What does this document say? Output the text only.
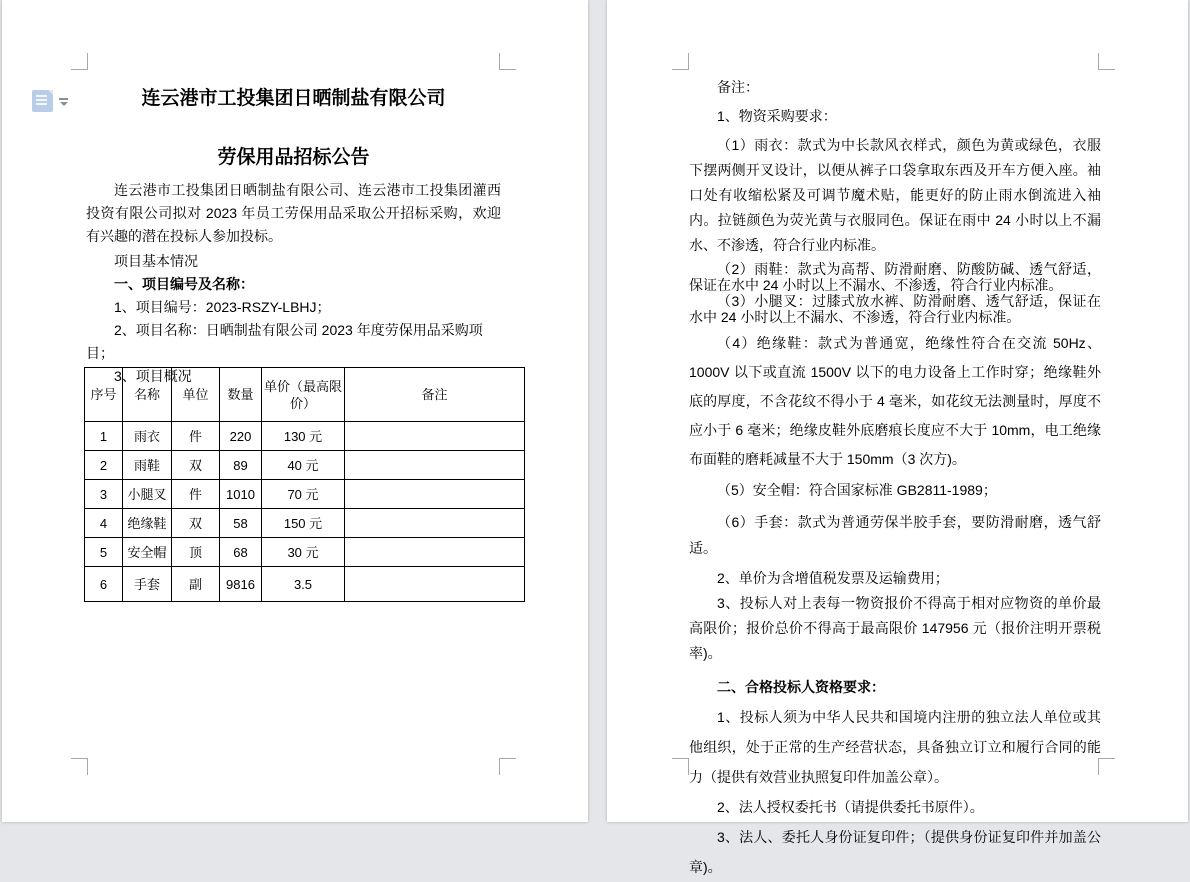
连云港市工投集团日晒制盐有限公司
劳保用品招标公告

连云港市工投集团日晒制盐有限公司、连云港市工投集团灌西投资有限公司拟对 2023 年员工劳保用品采取公开招标采购，欢迎有兴趣的潜在投标人参加投标。

项目基本情况

一、项目编号及名称：

1、项目编号：2023-RSZY-LBHJ；

2、项目名称：日晒制盐有限公司 2023 年度劳保用品采购项目；

3、项目概况

序号	名称	单位	数量	单价（最高限价）	备注
1	雨衣	件	220	130 元	
2	雨鞋	双	89	40 元	
3	小腿叉	件	1010	70 元	
4	绝缘鞋	双	58	150 元	
5	安全帽	顶	68	30 元	
6	手套	副	9816	3.5	

备注：

1、物资采购要求：

（1）雨衣：款式为中长款风衣样式，颜色为黄或绿色，衣服下摆两侧开叉设计，以便从裤子口袋拿取东西及开车方便入座。袖口处有收缩松紧及可调节魔术贴，能更好的防止雨水倒流进入袖内。拉链颜色为荧光黄与衣服同色。保证在雨中 24 小时以上不漏水、不渗透，符合行业内标准。

（2）雨鞋：款式为高帮、防滑耐磨、防酸防碱、透气舒适，保证在水中 24 小时以上不漏水、不渗透，符合行业内标准。

（3）小腿叉：过膝式放水裤、防滑耐磨、透气舒适，保证在水中 24 小时以上不漏水、不渗透，符合行业内标准。

（4）绝缘鞋：款式为普通宽，绝缘性符合在交流 50Hz、1000V 以下或直流 1500V 以下的电力设备上工作时穿；绝缘鞋外底的厚度，不含花纹不得小于 4 毫米，如花纹无法测量时，厚度不应小于 6 毫米；绝缘皮鞋外底磨痕长度应不大于 10mm，电工绝缘布面鞋的磨耗减量不大于 150mm（3 次方)。

（5）安全帽：符合国家标准 GB2811-1989；

（6）手套：款式为普通劳保半胶手套，要防滑耐磨，透气舒适。

2、单价为含增值税发票及运输费用；

3、投标人对上表每一物资报价不得高于相对应物资的单价最高限价；报价总价不得高于最高限价 147956 元（报价注明开票税率)。

二、合格投标人资格要求：

1、投标人须为中华人民共和国境内注册的独立法人单位或其他组织，处于正常的生产经营状态，具备独立订立和履行合同的能力（提供有效营业执照复印件加盖公章）。

2、法人授权委托书（请提供委托书原件）。

3、法人、委托人身份证复印件；（提供身份证复印件并加盖公章)。
